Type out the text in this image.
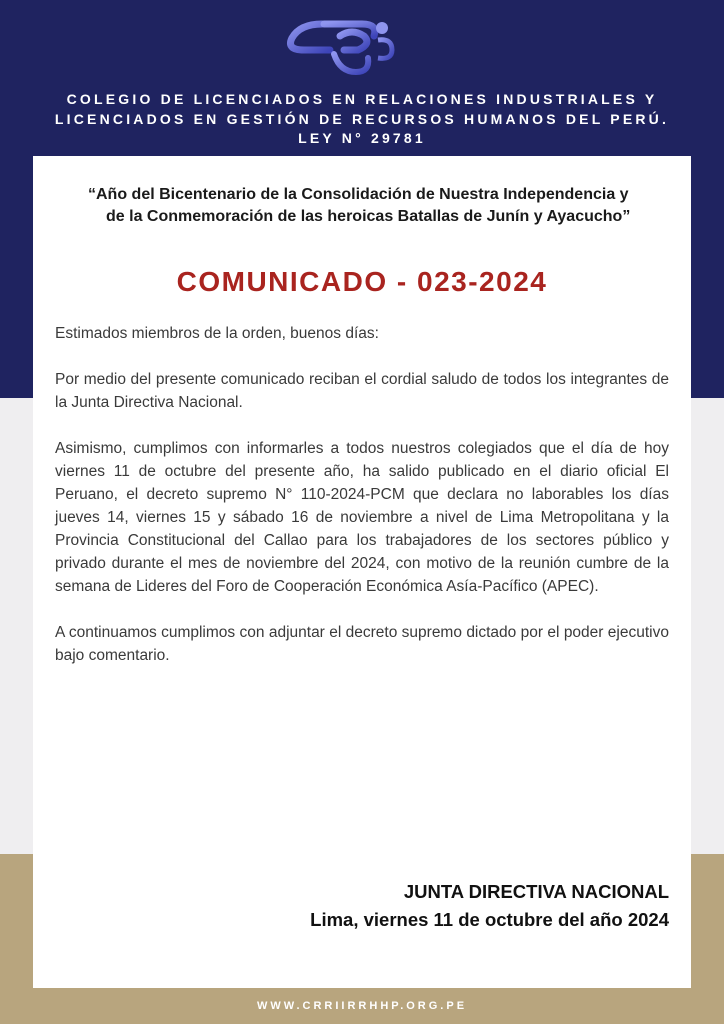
COLEGIO DE LICENCIADOS EN RELACIONES INDUSTRIALES Y
LICENCIADOS EN GESTIÓN DE RECURSOS HUMANOS DEL PERÚ.
LEY N° 29781
“Año del Bicentenario de la Consolidación de Nuestra Independencia y
de la Conmemoración de las heroicas Batallas de Junín y Ayacucho”
COMUNICADO - 023-2024

Estimados miembros de la orden, buenos días:

Por medio del presente comunicado reciban el cordial saludo de todos los integrantes de la Junta Directiva Nacional.

Asimismo, cumplimos con informarles a todos nuestros colegiados que el día de hoy viernes 11 de octubre del presente año, ha salido publicado en el diario oficial El Peruano, el decreto supremo N° 110-2024-PCM que declara no laborables los días jueves 14, viernes 15 y sábado 16 de noviembre a nivel de Lima Metropolitana y la Provincia Constitucional del Callao para los trabajadores de los sectores público y privado durante el mes de noviembre del 2024, con motivo de la reunión cumbre de la semana de Lideres del Foro de Cooperación Económica Asía-Pacífico (APEC).

A continuamos cumplimos con adjuntar el decreto supremo dictado por el poder ejecutivo bajo comentario.

JUNTA DIRECTIVA NACIONAL
Lima, viernes 11 de octubre del año 2024
WWW.CRRIIRRHHP.ORG.PE
